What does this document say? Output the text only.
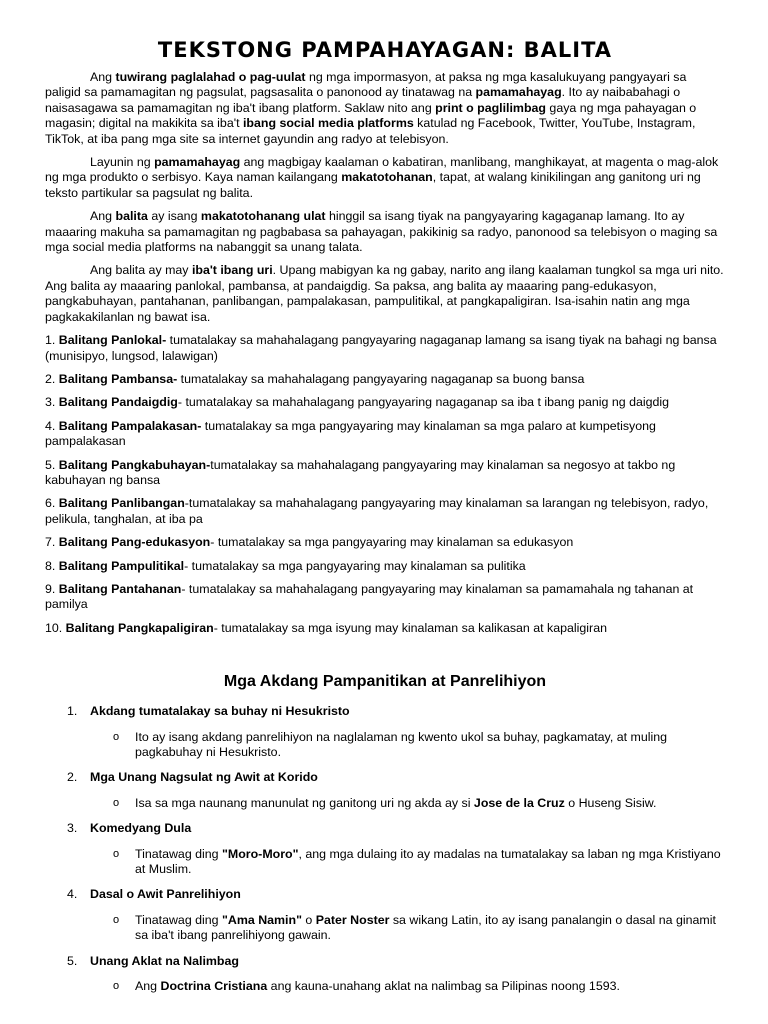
TEKSTONG PAMPAHAYAGAN: BALITA

Ang tuwirang paglalahad o pag-uulat ng mga impormasyon, at paksa ng mga kasalukuyang pangyayari sa paligid sa pamamagitan ng pagsulat, pagsasalita o panonood ay tinatawag na pamamahayag. Ito ay naibabahagi o naisasagawa sa pamamagitan ng iba't ibang platform. Saklaw nito ang print o paglilimbag gaya ng mga pahayagan o magasin; digital na makikita sa iba't ibang social media platforms katulad ng Facebook, Twitter, YouTube, Instagram, TikTok, at iba pang mga site sa internet gayundin ang radyo at telebisyon.

Layunin ng pamamahayag ang magbigay kaalaman o kabatiran, manlibang, manghikayat, at magenta o mag-alok ng mga produkto o serbisyo. Kaya naman kailangang makatotohanan, tapat, at walang kinikilingan ang ganitong uri ng teksto partikular sa pagsulat ng balita.

Ang balita ay isang makatotohanang ulat hinggil sa isang tiyak na pangyayaring kagaganap lamang. Ito ay maaaring makuha sa pamamagitan ng pagbabasa sa pahayagan, pakikinig sa radyo, panonood sa telebisyon o maging sa mga social media platforms na nabanggit sa unang talata.

Ang balita ay may iba't ibang uri. Upang mabigyan ka ng gabay, narito ang ilang kaalaman tungkol sa mga uri nito. Ang balita ay maaaring panlokal, pambansa, at pandaigdig. Sa paksa, ang balita ay maaaring pang-edukasyon, pangkabuhayan, pantahanan, panlibangan, pampalakasan, pampulitikal, at pangkapaligiran. Isa-isahin natin ang mga pagkakakilanlan ng bawat isa.

1. Balitang Panlokal- tumatalakay sa mahahalagang pangyayaring nagaganap lamang sa isang tiyak na bahagi ng bansa (munisipyo, lungsod, lalawigan)
2. Balitang Pambansa- tumatalakay sa mahahalagang pangyayaring nagaganap sa buong bansa
3. Balitang Pandaigdig- tumatalakay sa mahahalagang pangyayaring nagaganap sa iba t ibang panig ng daigdig
4. Balitang Pampalakasan- tumatalakay sa mga pangyayaring may kinalaman sa mga palaro at kumpetisyong pampalakasan
5. Balitang Pangkabuhayan-tumatalakay sa mahahalagang pangyayaring may kinalaman sa negosyo at takbo ng kabuhayan ng bansa
6. Balitang Panlibangan-tumatalakay sa mahahalagang pangyayaring may kinalaman sa larangan ng telebisyon, radyo, pelikula, tanghalan, at iba pa
7. Balitang Pang-edukasyon- tumatalakay sa mga pangyayaring may kinalaman sa edukasyon
8. Balitang Pampulitikal- tumatalakay sa mga pangyayaring may kinalaman sa pulitika
9. Balitang Pantahanan- tumatalakay sa mahahalagang pangyayaring may kinalaman sa pamamahala ng tahanan at pamilya
10. Balitang Pangkapaligiran- tumatalakay sa mga isyung may kinalaman sa kalikasan at kapaligiran
Mga Akdang Pampanitikan at Panrelihiyon
1. Akdang tumatalakay sa buhay ni Hesukristo
o Ito ay isang akdang panrelihiyon na naglalaman ng kwento ukol sa buhay, pagkamatay, at muling pagkabuhay ni Hesukristo.
2. Mga Unang Nagsulat ng Awit at Korido
o Isa sa mga naunang manunulat ng ganitong uri ng akda ay si Jose de la Cruz o Huseng Sisiw.
3. Komedyang Dula
o Tinatawag ding "Moro-Moro", ang mga dulaing ito ay madalas na tumatalakay sa laban ng mga Kristiyano at Muslim.
4. Dasal o Awit Panrelihiyon
o Tinatawag ding "Ama Namin" o Pater Noster sa wikang Latin, ito ay isang panalangin o dasal na ginamit sa iba't ibang panrelihiyong gawain.
5. Unang Aklat na Nalimbag
o Ang Doctrina Cristiana ang kauna-unahang aklat na nalimbag sa Pilipinas noong 1593.
